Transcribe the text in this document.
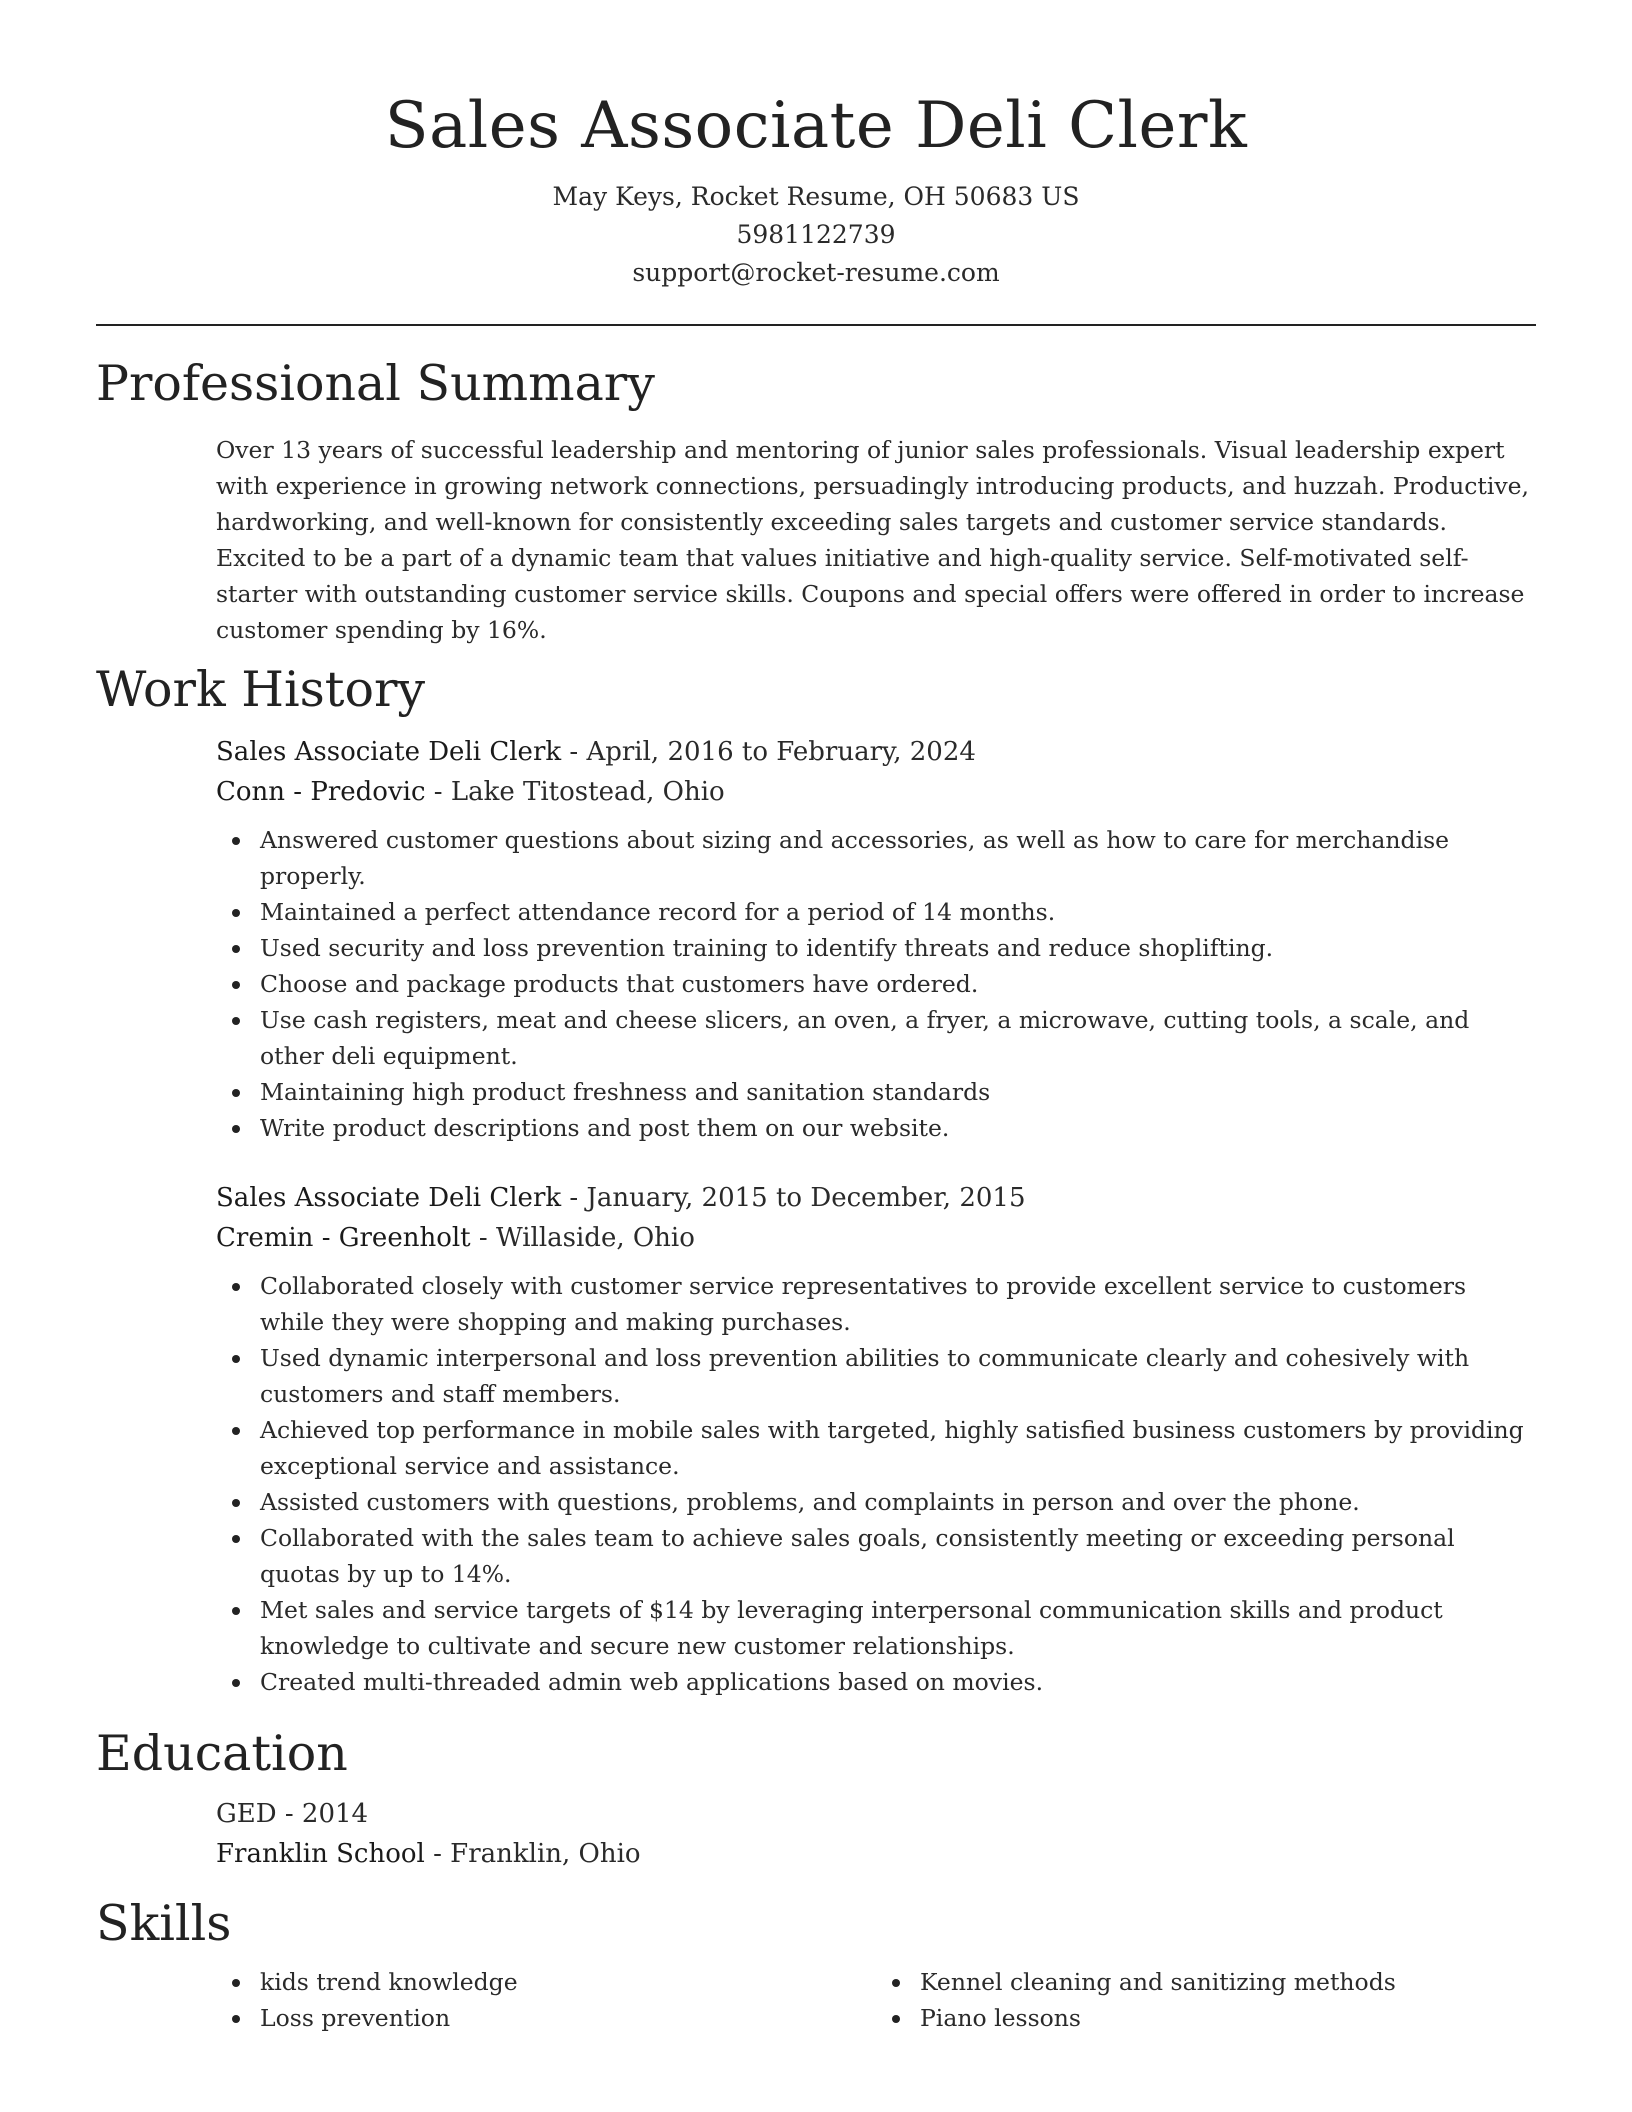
Sales Associate Deli Clerk
May Keys, Rocket Resume, OH 50683 US
5981122739
support@rocket-resume.com
Professional Summary

Over 13 years of successful leadership and mentoring of junior sales professionals. Visual leadership expert with experience in growing network connections, persuadingly introducing products, and huzzah. Productive, hardworking, and well-known for consistently exceeding sales targets and customer service standards. Excited to be a part of a dynamic team that values initiative and high-quality service. Self-motivated self-starter with outstanding customer service skills. Coupons and special offers were offered in order to increase customer spending by 16%.

Work History
Sales Associate Deli Clerk - April, 2016 to February, 2024
Conn - Predovic - Lake Titostead, Ohio
Answered customer questions about sizing and accessories, as well as how to care for merchandise properly.
Maintained a perfect attendance record for a period of 14 months.
Used security and loss prevention training to identify threats and reduce shoplifting.
Choose and package products that customers have ordered.
Use cash registers, meat and cheese slicers, an oven, a fryer, a microwave, cutting tools, a scale, and other deli equipment.
Maintaining high product freshness and sanitation standards
Write product descriptions and post them on our website.
Sales Associate Deli Clerk - January, 2015 to December, 2015
Cremin - Greenholt - Willaside, Ohio
Collaborated closely with customer service representatives to provide excellent service to customers while they were shopping and making purchases.
Used dynamic interpersonal and loss prevention abilities to communicate clearly and cohesively with customers and staff members.
Achieved top performance in mobile sales with targeted, highly satisfied business customers by providing exceptional service and assistance.
Assisted customers with questions, problems, and complaints in person and over the phone.
Collaborated with the sales team to achieve sales goals, consistently meeting or exceeding personal quotas by up to 14%.
Met sales and service targets of $14 by leveraging interpersonal communication skills and product knowledge to cultivate and secure new customer relationships.
Created multi-threaded admin web applications based on movies.
Education
GED - 2014
Franklin School - Franklin, Ohio
Skills
kids trend knowledge
Loss prevention
Kennel cleaning and sanitizing methods
Piano lessons
